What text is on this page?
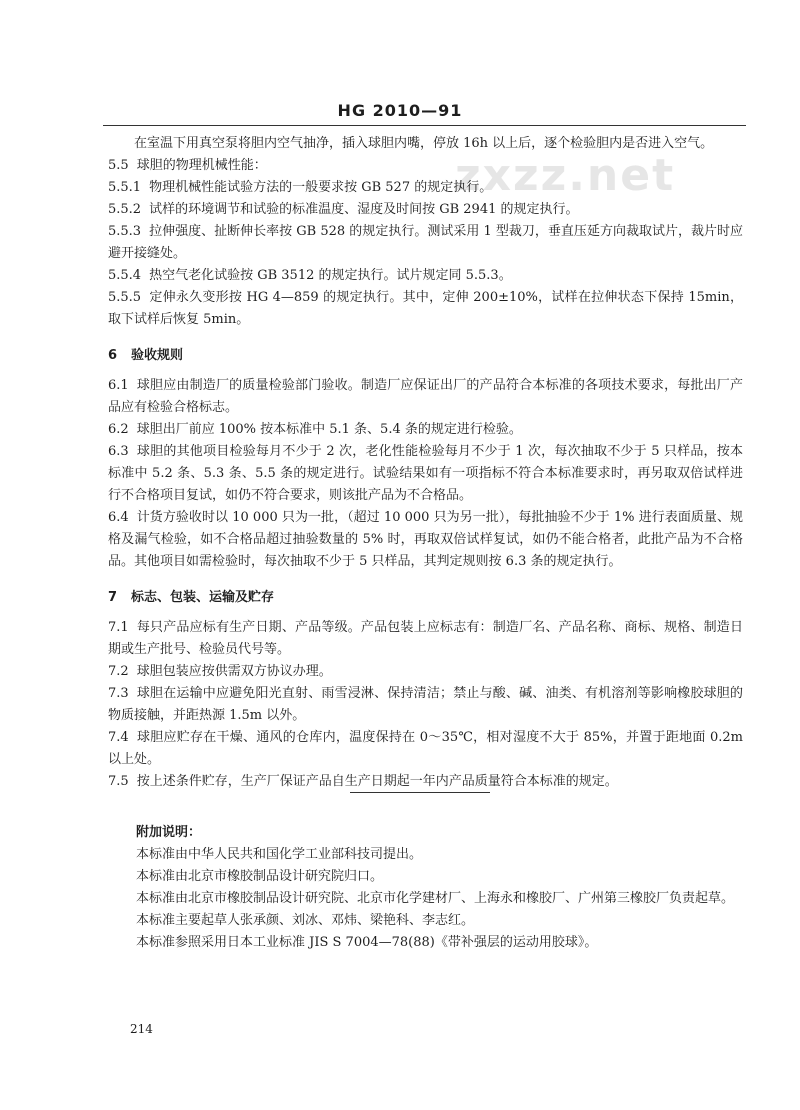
HG 2010—91
zxzz.net

在室温下用真空泵将胆内空气抽净，插入球胆内嘴，停放 16h 以上后，逐个检验胆内是否进入空气。

5.5 球胆的物理机械性能：

5.5.1 物理机械性能试验方法的一般要求按 GB 527 的规定执行。

5.5.2 试样的环境调节和试验的标准温度、湿度及时间按 GB 2941 的规定执行。

5.5.3 拉伸强度、扯断伸长率按 GB 528 的规定执行。测试采用 1 型裁刀，垂直压延方向裁取试片，裁片时应避开接缝处。

5.5.4 热空气老化试验按 GB 3512 的规定执行。试片规定同 5.5.3。

5.5.5 定伸永久变形按 HG 4—859 的规定执行。其中，定伸 200±10%，试样在拉伸状态下保持 15min，取下试样后恢复 5min。

6 验收规则

6.1 球胆应由制造厂的质量检验部门验收。制造厂应保证出厂的产品符合本标准的各项技术要求，每批出厂产品应有检验合格标志。

6.2 球胆出厂前应 100% 按本标准中 5.1 条、5.4 条的规定进行检验。

6.3 球胆的其他项目检验每月不少于 2 次，老化性能检验每月不少于 1 次，每次抽取不少于 5 只样品，按本标准中 5.2 条、5.3 条、5.5 条的规定进行。试验结果如有一项指标不符合本标准要求时，再另取双倍试样进行不合格项目复试，如仍不符合要求，则该批产品为不合格品。

6.4 计货方验收时以 10 000 只为一批，（超过 10 000 只为另一批），每批抽验不少于 1% 进行表面质量、规格及漏气检验，如不合格品超过抽验数量的 5% 时，再取双倍试样复试，如仍不能合格者，此批产品为不合格品。其他项目如需检验时，每次抽取不少于 5 只样品，其判定规则按 6.3 条的规定执行。

7 标志、包装、运输及贮存

7.1 每只产品应标有生产日期、产品等级。产品包装上应标志有：制造厂名、产品名称、商标、规格、制造日期或生产批号、检验员代号等。

7.2 球胆包装应按供需双方协议办理。

7.3 球胆在运输中应避免阳光直射、雨雪浸淋、保持清洁；禁止与酸、碱、油类、有机溶剂等影响橡胶球胆的物质接触，并距热源 1.5m 以外。

7.4 球胆应贮存在干燥、通风的仓库内，温度保持在 0～35℃，相对湿度不大于 85%，并置于距地面 0.2m以上处。

7.5 按上述条件贮存，生产厂保证产品自生产日期起一年内产品质量符合本标准的规定。

附加说明：

本标准由中华人民共和国化学工业部科技司提出。

本标准由北京市橡胶制品设计研究院归口。

本标准由北京市橡胶制品设计研究院、北京市化学建材厂、上海永和橡胶厂、广州第三橡胶厂负责起草。

本标准主要起草人张承颜、刘冰、邓炜、梁艳科、李志红。

本标准参照采用日本工业标准 JIS S 7004—78(88)《带补强层的运动用胶球》。

214
